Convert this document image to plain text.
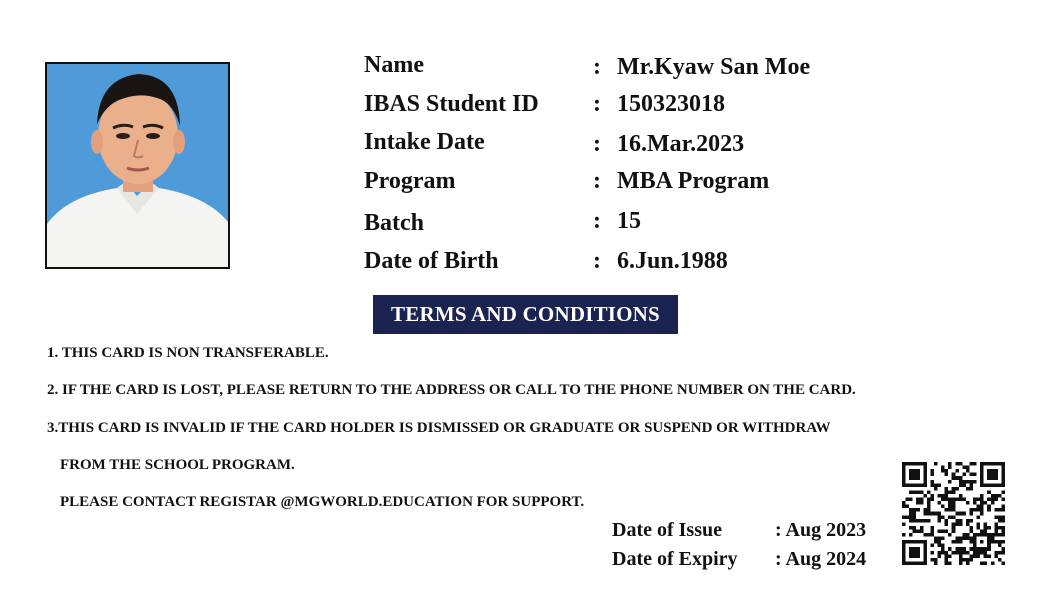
Name	: Mr.Kyaw San Moe
IBAS Student ID : 150323018
Intake Date	: 16.Mar.2023
Program	: MBA Program
Batch	: 15
Date of Birth	: 6.Jun.1988
TERMS AND CONDITIONS
1. THIS CARD IS NON TRANSFERABLE.
2. IF THE CARD IS LOST, PLEASE RETURN TO THE ADDRESS OR CALL TO THE PHONE NUMBER ON THE CARD.
3.THIS CARD IS INVALID IF THE CARD HOLDER IS DISMISSED OR GRADUATE OR SUSPEND OR WITHDRAW
FROM THE SCHOOL PROGRAM.
PLEASE CONTACT REGISTAR @MGWORLD.EDUCATION FOR SUPPORT.
Date of Issue	: Aug 2023
Date of Expiry : Aug 2024
